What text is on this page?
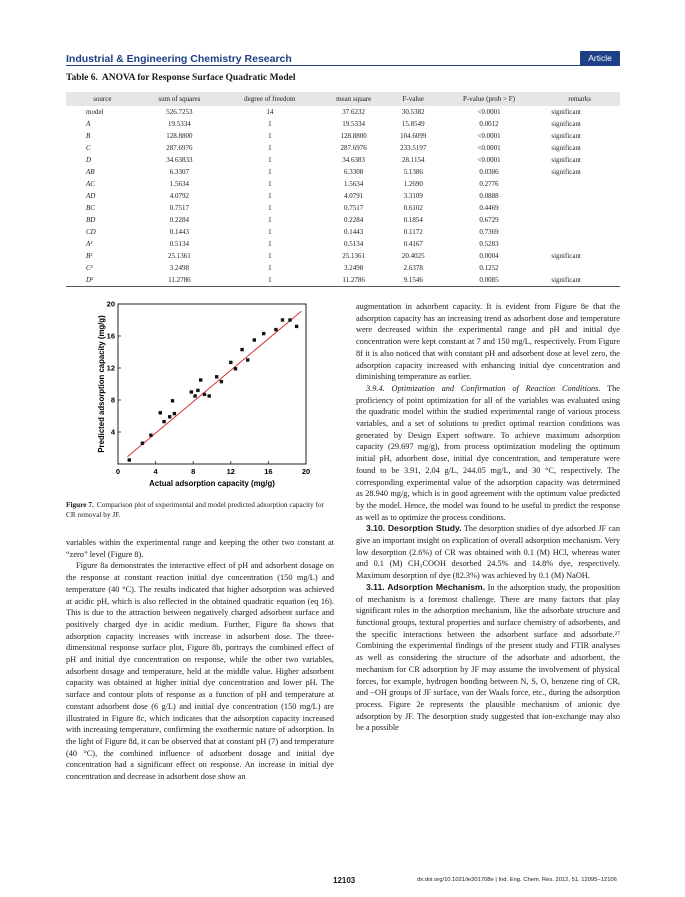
Industrial & Engineering Chemistry Research	Article
Table 6. ANOVA for Response Surface Quadratic Model
source	sum of squares	degree of freedom	mean square	F-value	P-value (prob > F)	remarks
model	526.7253	14	37.6232	30.5382	<0.0001	significant
A	19.5334	1	19.5334	15.8549	0.0012	significant
B	128.8800	1	128.8800	104.6099	<0.0001	significant
C	287.6976	1	287.6976	233.5197	<0.0001	significant
D	34.63833	1	34.6383	28.1154	<0.0001	significant
AB	6.3307	1	6.3308	5.1386	0.0386	significant
AC	1.5634	1	1.5634	1.2690	0.2776	
AD	4.0792	1	4.0791	3.3109	0.0888	
BC	0.7517	1	0.7517	0.6102	0.4469	
BD	0.2284	1	0.2284	0.1854	0.6729	
CD	0.1443	1	0.1443	0.1172	0.7369	
A²	0.5134	1	0.5134	0.4167	0.5283	
B²	25.1361	1	25.1361	20.4025	0.0004	significant
C²	3.2498	1	3.2498	2.6378	0.1252	
D²	11.2786	1	11.2786	9.1546	0.0085	significant
0	4	8	12	16	20
4
8
12
16
20
Actual adsorption capacity (mg/g)
Predicted adsorption capacity (mg/g)
Figure 7. Comparison plot of experimental and model predicted adsorption capacity for CR removal by JF.

variables within the experimental range and keeping the other two constant at “zero” level (Figure 8).

Figure 8a demonstrates the interactive effect of pH and adsorbent dosage on the response at constant reaction initial dye concentration (150 mg/L) and temperature (40 °C). The results indicated that higher adsorption was achieved at acidic pH, which is also reflected in the obtained quadratic equation (eq 16). This is due to the attraction between negatively charged adsorbent surface and positively charged dye in acidic medium. Further, Figure 8a shows that adsorption capacity increases with increase in adsorbent dose. The three-dimensional response surface plot, Figure 8b, portrays the combined effect of pH and initial dye concentration on response, while the other two variables, adsorbent dosage and temperature, held at the middle value. Higher adsorbent capacity was obtained at higher initial dye concentration and lower pH. The surface and contour plots of response as a function of pH and temperature at constant adsorbent dose (6 g/L) and initial dye concentration (150 mg/L) are illustrated in Figure 8c, which indicates that the adsorption capacity increased with increasing temperature, confirming the exothermic nature of adsorption. In the light of Figure 8d, it can be observed that at constant pH (7) and temperature (40 °C), the combined influence of adsorbent dosage and initial dye concentration had a significant effect on response. An increase in initial dye concentration and decrease in adsorbent dose show an

augmentation in adsorbent capacity. It is evident from Figure 8e that the adsorption capacity has an increasing trend as adsorbent dose and temperature were decreased within the experimental range and pH and initial dye concentration were kept constant at 7 and 150 mg/L, respectively. From Figure 8f it is also noticed that with constant pH and adsorbent dose at level zero, the adsorption capacity increased with enhancing initial dye concentration and diminishing temperature as earlier.

3.9.4. Optimization and Confirmation of Reaction Conditions. The proficiency of point optimization for all of the variables was evaluated using the quadratic model within the studied experimental range of various process variables, and a set of solutions to predict optimal reaction conditions was generated by Design Expert software. To achieve maximum adsorption capacity (29.697 mg/g), from process optimization modeling the optimum initial pH, adsorbent dose, initial dye concentration, and temperature were found to be 3.91, 2.04 g/L, 244.05 mg/L, and 30 °C, respectively. The corresponding experimental value of the adsorption capacity was determined as 28.940 mg/g, which is in good agreement with the optimum value predicted by the model. Hence, the model was found to be useful to predict the response as well as to optimize the process conditions.

3.10. Desorption Study. The desorption studies of dye adsorbed JF can give an important insight on explication of overall adsorption mechanism. Very low desorption (2.6%) of CR was obtained with 0.1 (M) HCl, whereas water and 0.1 (M) CH₃COOH desorbed 24.5% and 14.8% dye, respectively. Maximum desorption of dye (82.3%) was achieved by 0.1 (M) NaOH.

3.11. Adsorption Mechanism. In the adsorption study, the proposition of mechanism is a foremost challenge. There are many factors that play significant roles in the adsorption mechanism, like the adsorbate structure and functional groups, textural properties and surface chemistry of adsorbents, and the specific interactions between the adsorbent surface and adsorbate.²⁷ Combining the experimental findings of the present study and FTIR analyses as well as considering the structure of the adsorbate and adsorbent, the mechanism for CR adsorption by JF may assume the involvement of physical forces, for example, hydrogen bonding between N, S, O, benzene ring of CR, and −OH groups of JF surface, van der Waals force, etc., during the adsorption process. Figure 2e represents the plausible mechanism of anionic dye adsorption by JF. The desorption study suggested that ion-exchange may also be a possible

12103	dx.doi.org/10.1021/ie301708e | Ind. Eng. Chem. Res. 2012, 51, 12095−12106
